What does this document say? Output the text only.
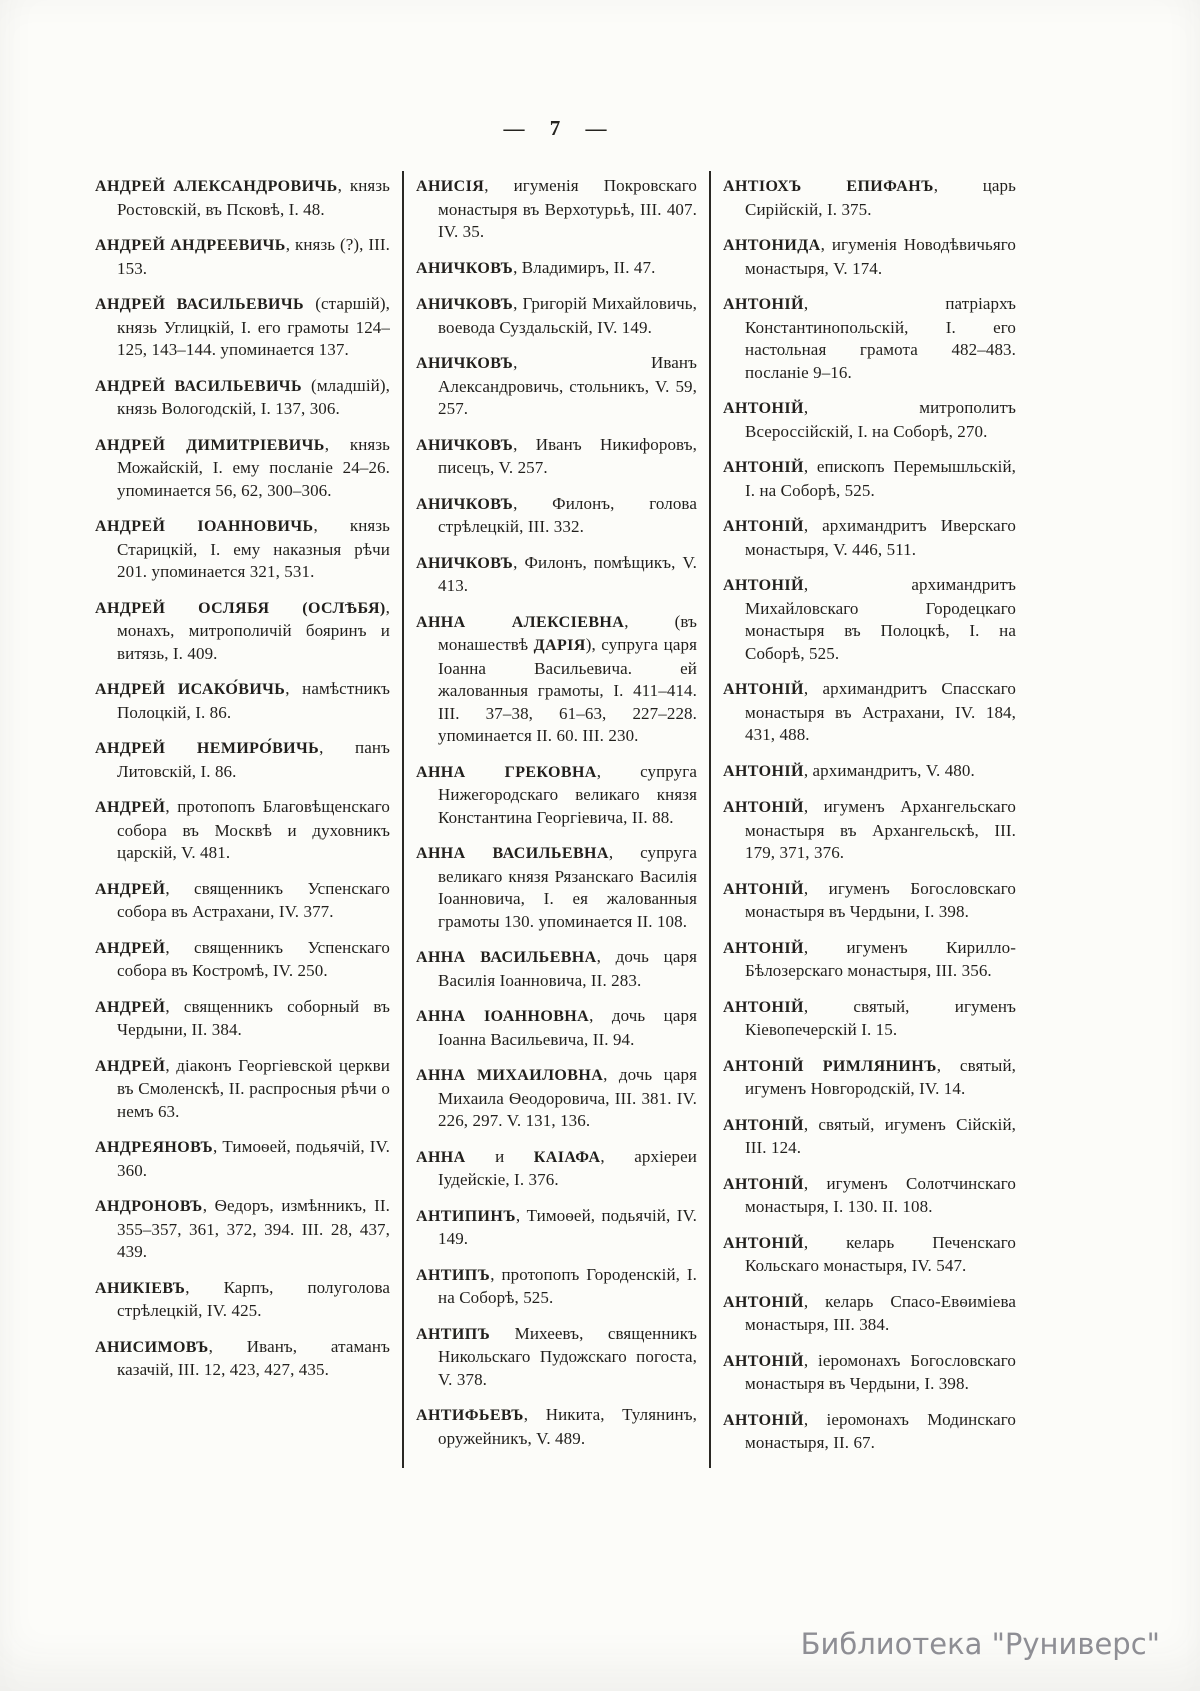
— 7 —

АНДРЕЙ АЛЕКСАНДРОВИЧЬ, князь Ростовскій, въ Псковѣ, I. 48.

АНДРЕЙ АНДРЕЕВИЧЬ, князь (?), III. 153.

АНДРЕЙ ВАСИЛЬЕВИЧЬ (старшій), князь Углицкій, I. его грамоты 124–125, 143–144. упоминается 137.

АНДРЕЙ ВАСИЛЬЕВИЧЬ (младшій), князь Вологодскій, I. 137, 306.

АНДРЕЙ ДИМИТРІЕВИЧЬ, князь Можайскій, I. ему посланіе 24–26. упоминается 56, 62, 300–306.

АНДРЕЙ ІОАННОВИЧЬ, князь Старицкій, I. ему наказныя рѣчи 201. упоминается 321, 531.

АНДРЕЙ ОСЛЯБЯ (ОСЛѢБЯ), монахъ, митрополичій бояринъ и витязь, I. 409.

АНДРЕЙ ИСАКО́ВИЧЬ, намѣстникъ Полоцкій, I. 86.

АНДРЕЙ НЕМИРО́ВИЧЬ, панъ Литовскій, I. 86.

АНДРЕЙ, протопопъ Благовѣщенскаго собора въ Москвѣ и духовникъ царскій, V. 481.

АНДРЕЙ, священникъ Успенскаго собора въ Астрахани, IV. 377.

АНДРЕЙ, священникъ Успенскаго собора въ Костромѣ, IV. 250.

АНДРЕЙ, священникъ соборный въ Чердыни, II. 384.

АНДРЕЙ, діаконъ Георгіевской церкви въ Смоленскѣ, II. распросныя рѣчи о немъ 63.

АНДРЕЯНОВЪ, Тимоѳей, подьячій, IV. 360.

АНДРОНОВЪ, Ѳедоръ, измѣнникъ, II. 355–357, 361, 372, 394. III. 28, 437, 439.

АНИКІЕВЪ, Карпъ, полуголова стрѣлецкій, IV. 425.

АНИСИМОВЪ, Иванъ, атаманъ казачій, III. 12, 423, 427, 435.

АНИСІЯ, игуменія Покровскаго монастыря въ Верхотурьѣ, III. 407. IV. 35.

АНИЧКОВЪ, Владимиръ, II. 47.

АНИЧКОВЪ, Григорій Михайловичь, воевода Суздальскій, IV. 149.

АНИЧКОВЪ, Иванъ Александровичь, стольникъ, V. 59, 257.

АНИЧКОВЪ, Иванъ Никифоровъ, писецъ, V. 257.

АНИЧКОВЪ, Филонъ, голова стрѣлецкій, III. 332.

АНИЧКОВЪ, Филонъ, помѣщикъ, V. 413.

АННА АЛЕКСІЕВНА, (въ монашествѣ ДАРІЯ), супруга царя Іоанна Васильевича. ей жалованныя грамоты, I. 411–414. III. 37–38, 61–63, 227–228. упоминается II. 60. III. 230.

АННА ГРЕКОВНА, супруга Нижегородскаго великаго князя Константина Георгіевича, II. 88.

АННА ВАСИЛЬЕВНА, супруга великаго князя Рязанскаго Василія Іоанновича, I. ея жалованныя грамоты 130. упоминается II. 108.

АННА ВАСИЛЬЕВНА, дочь царя Василія Іоанновича, II. 283.

АННА ІОАННОВНА, дочь царя Іоанна Васильевича, II. 94.

АННА МИХАИЛОВНА, дочь царя Михаила Ѳеодоровича, III. 381. IV. 226, 297. V. 131, 136.

АННА и КАІАФА, архіереи Іудейскіе, I. 376.

АНТИПИНЪ, Тимоѳей, подьячій, IV. 149.

АНТИПЪ, протопопъ Городенскій, I. на Соборѣ, 525.

АНТИПЪ Михеевъ, священникъ Никольскаго Пудожскаго погоста, V. 378.

АНТИФЬЕВЪ, Никита, Тулянинъ, оружейникъ, V. 489.

АНТІОХЪ ЕПИФАНЪ, царь Сирійскій, I. 375.

АНТОНИДА, игуменія Новодѣвичьяго монастыря, V. 174.

АНТОНІЙ, патріархъ Константинопольскій, I. его настольная грамота 482–483. посланіе 9–16.

АНТОНІЙ, митрополитъ Всероссійскій, I. на Соборѣ, 270.

АНТОНІЙ, епископъ Перемышльскій, I. на Соборѣ, 525.

АНТОНІЙ, архимандритъ Иверскаго монастыря, V. 446, 511.

АНТОНІЙ, архимандритъ Михайловскаго Городецкаго монастыря въ Полоцкѣ, I. на Соборѣ, 525.

АНТОНІЙ, архимандритъ Спасскаго монастыря въ Астрахани, IV. 184, 431, 488.

АНТОНІЙ, архимандритъ, V. 480.

АНТОНІЙ, игуменъ Архангельскаго монастыря въ Архангельскѣ, III. 179, 371, 376.

АНТОНІЙ, игуменъ Богословскаго монастыря въ Чердыни, I. 398.

АНТОНІЙ, игуменъ Кирилло-Бѣлозерскаго монастыря, III. 356.

АНТОНІЙ, святый, игуменъ Кіевопечерскій I. 15.

АНТОНІЙ РИМЛЯНИНЪ, святый, игуменъ Новгородскій, IV. 14.

АНТОНІЙ, святый, игуменъ Сійскій, III. 124.

АНТОНІЙ, игуменъ Солотчинскаго монастыря, I. 130. II. 108.

АНТОНІЙ, келарь Печенскаго Кольскаго монастыря, IV. 547.

АНТОНІЙ, келарь Спасо-Евѳиміева монастыря, III. 384.

АНТОНІЙ, іеромонахъ Богословскаго монастыря въ Чердыни, I. 398.

АНТОНІЙ, іеромонахъ Модинскаго монастыря, II. 67.

Библиотека "Руниверс"
